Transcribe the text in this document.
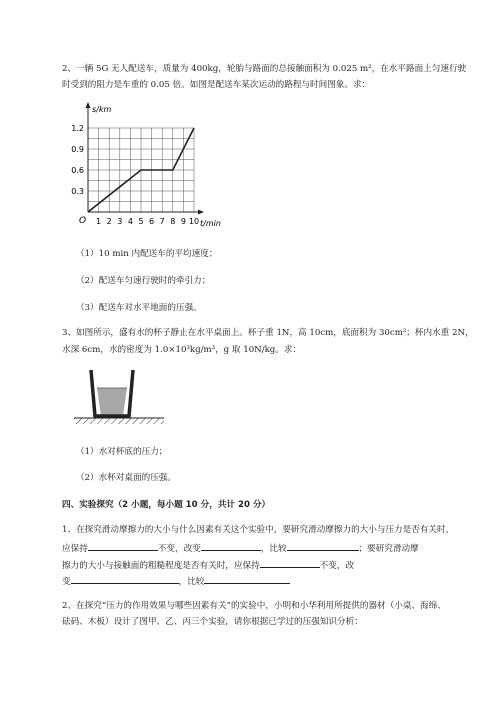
2、一辆 5G 无人配送车，质量为 400kg，轮胎与路面的总接触面积为 0.025 m²，在水平路面上匀速行驶
时受到的阻力是车重的 0.05 倍。如图是配送车某次运动的路程与时间图象。求：
1 2 3 4 5 6 7 8 9 10
0.3
0.6
0.9
1.2
s/km
t/min
O
（1）10 min 内配送车的平均速度；
（2）配送车匀速行驶时的牵引力；
（3）配送车对水平地面的压强。
3、如图所示，盛有水的杯子静止在水平桌面上。杯子重 1N，高 10cm，底面积为 30cm²；杯内水重 2N，
水深 6cm，水的密度为 1.0×10³kg/m³，g 取 10N/kg。求：
（1）水对杯底的压力；
（2）水杯对桌面的压强。
四、实验探究（2 小题，每小题 10 分，共计 20 分）
1、在探究滑动摩擦力的大小与什么因素有关这个实验中，要研究滑动摩擦力的大小与压力是否有关时，
应保持	不变，改变	，比较	；要研究滑动摩
擦力的大小与接触面的粗糙程度是否有关时，应保持	不变，改
变	，比较
2、在探究“压力的作用效果与哪些因素有关”的实验中，小明和小华利用所提供的器材（小桌、海绵、
砝码、木板）设计了图甲、乙、丙三个实验，请你根据已学过的压强知识分析：
